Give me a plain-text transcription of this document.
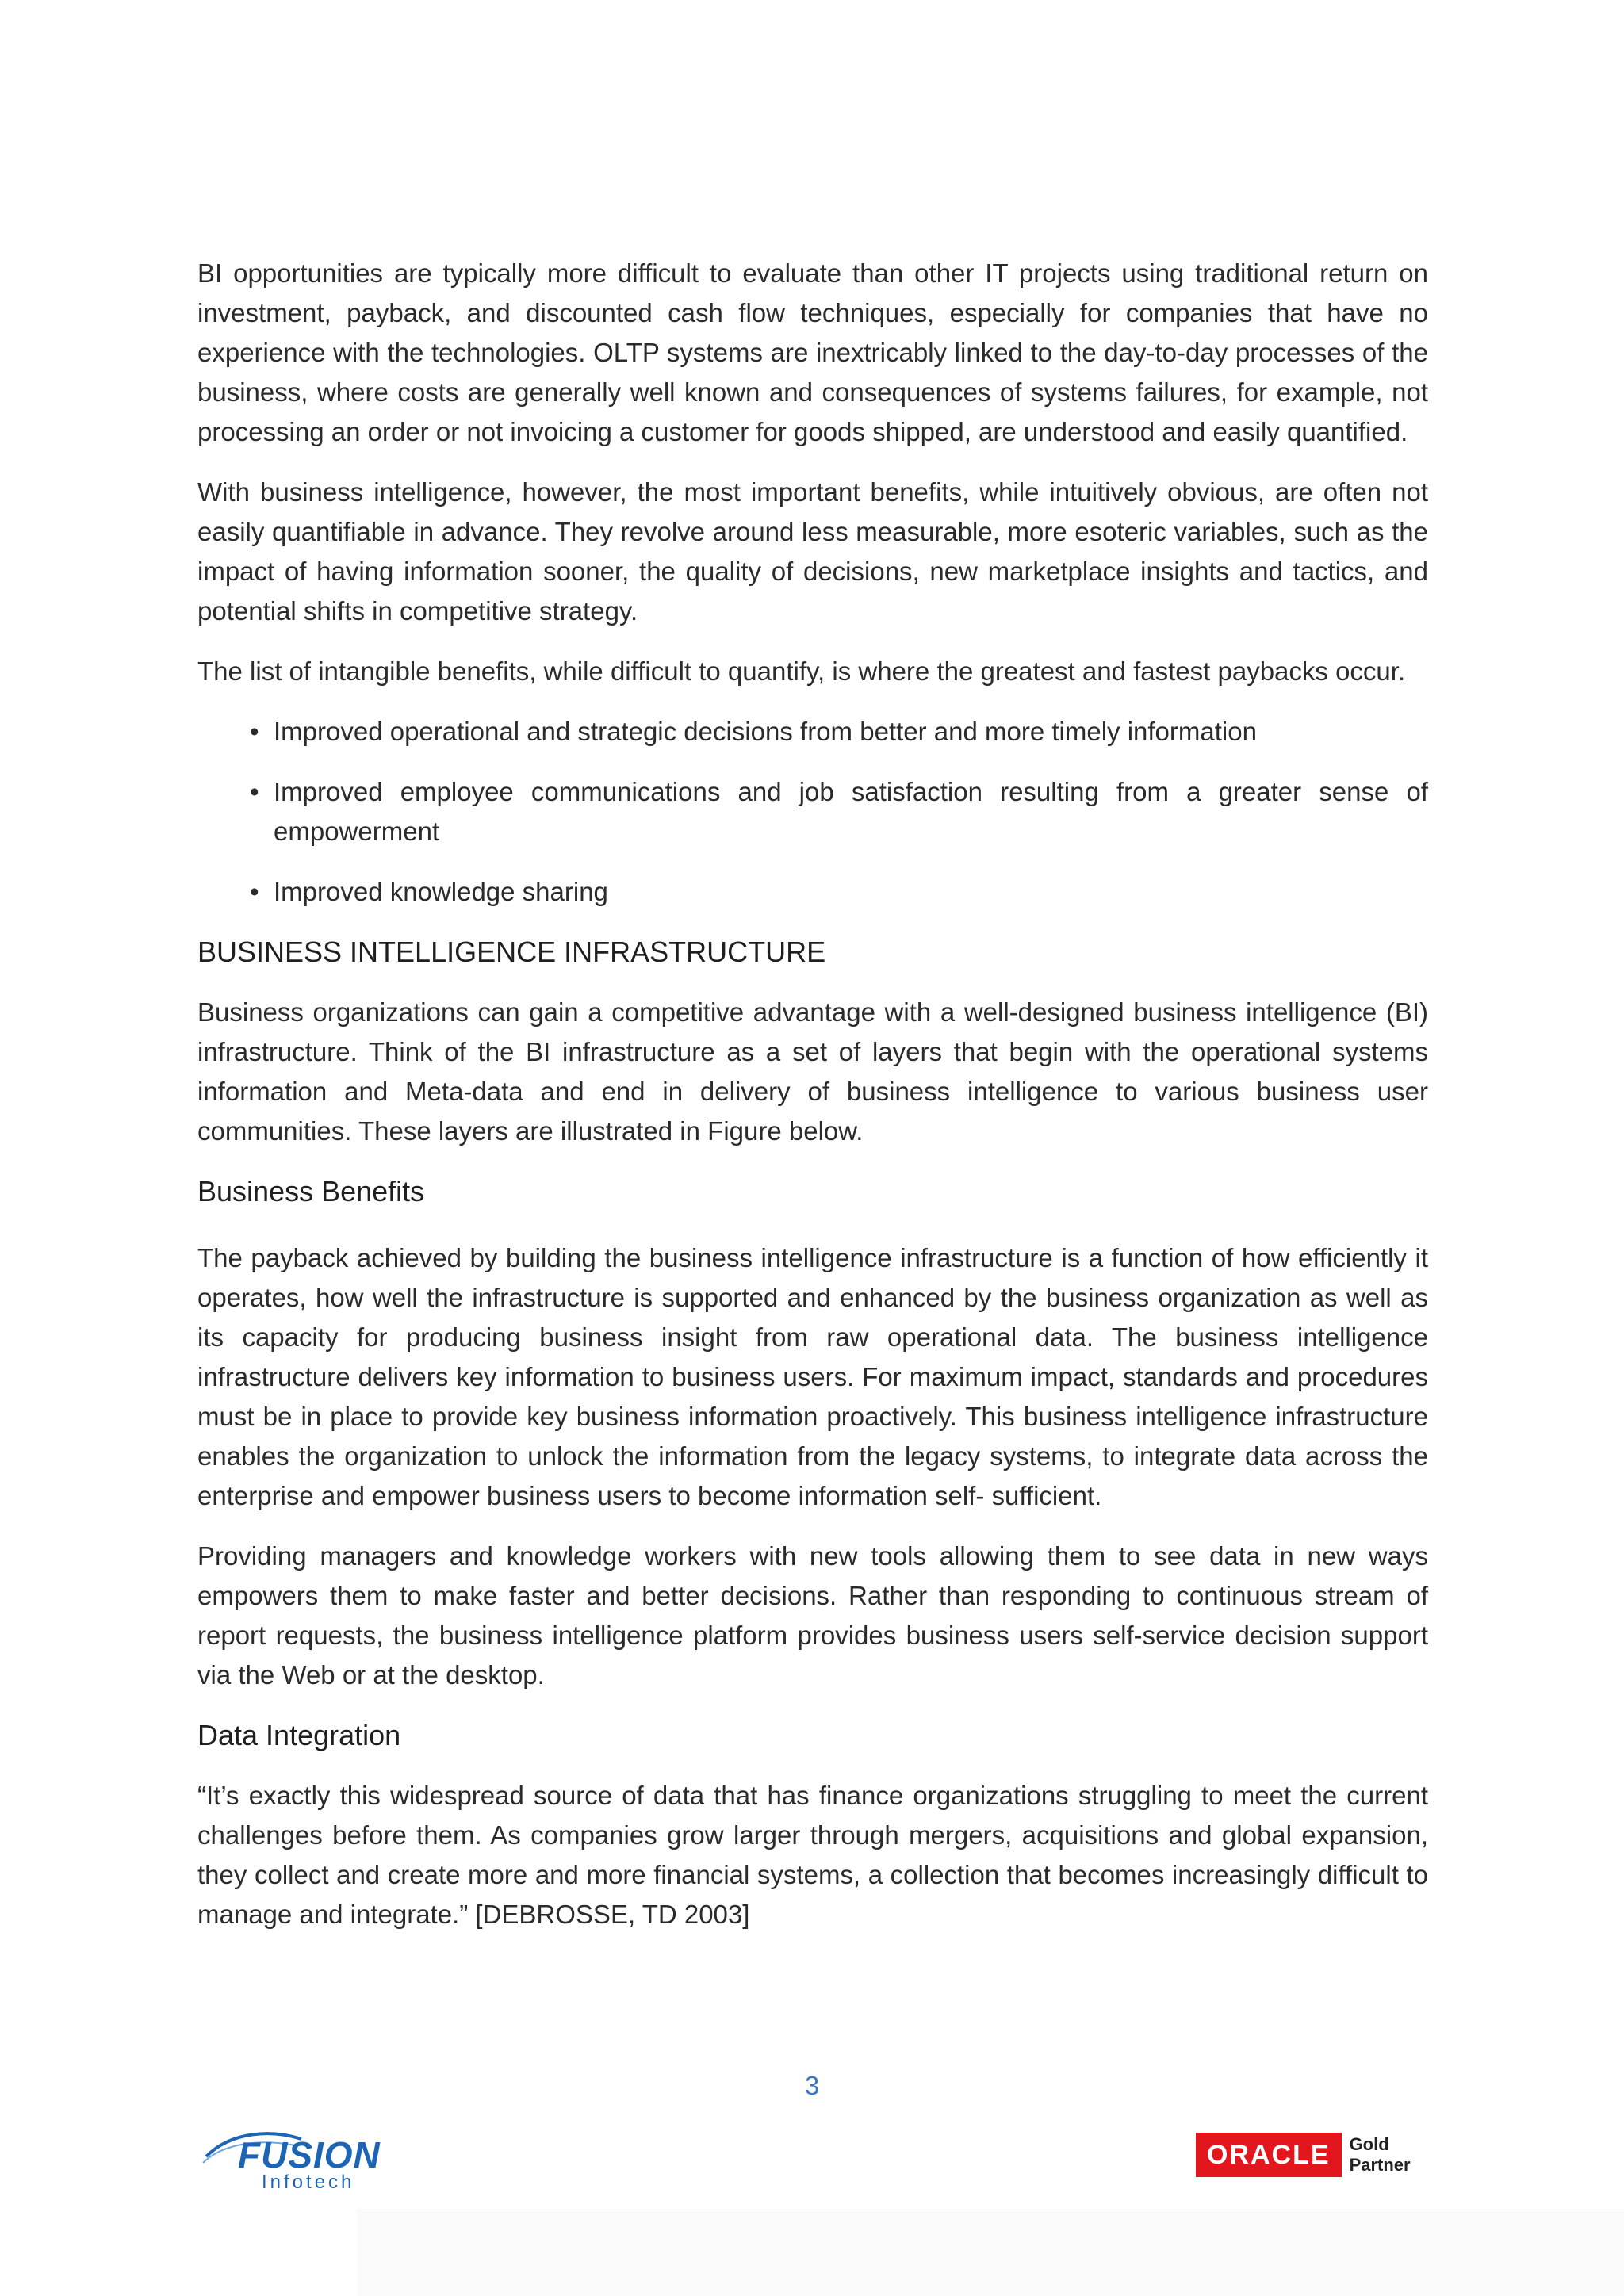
BI opportunities are typically more difficult to evaluate than other IT projects using traditional return on investment, payback, and discounted cash flow techniques, especially for companies that have no experience with the technologies. OLTP systems are inextricably linked to the day-to-day processes of the business, where costs are generally well known and consequences of systems failures, for example, not processing an order or not invoicing a customer for goods shipped, are understood and easily quantified.

With business intelligence, however, the most important benefits, while intuitively obvious, are often not easily quantifiable in advance. They revolve around less measurable, more esoteric variables, such as the impact of having information sooner, the quality of decisions, new marketplace insights and tactics, and potential shifts in competitive strategy.

The list of intangible benefits, while difficult to quantify, is where the greatest and fastest paybacks occur.

• Improved operational and strategic decisions from better and more timely information
• Improved employee communications and job satisfaction resulting from a greater sense of empowerment
• Improved knowledge sharing
BUSINESS INTELLIGENCE INFRASTRUCTURE

Business organizations can gain a competitive advantage with a well-designed business intelligence (BI) infrastructure. Think of the BI infrastructure as a set of layers that begin with the operational systems information and Meta-data and end in delivery of business intelligence to various business user communities. These layers are illustrated in Figure below.

Business Benefits

The payback achieved by building the business intelligence infrastructure is a function of how efficiently it operates, how well the infrastructure is supported and enhanced by the business organization as well as its capacity for producing business insight from raw operational data. The business intelligence infrastructure delivers key information to business users. For maximum impact, standards and procedures must be in place to provide key business information proactively. This business intelligence infrastructure enables the organization to unlock the information from the legacy systems, to integrate data across the enterprise and empower business users to become information self- sufficient.

Providing managers and knowledge workers with new tools allowing them to see data in new ways empowers them to make faster and better decisions. Rather than responding to continuous stream of report requests, the business intelligence platform provides business users self-service decision support via the Web or at the desktop.

Data Integration

“It’s exactly this widespread source of data that has finance organizations struggling to meet the current challenges before them. As companies grow larger through mergers, acquisitions and global expansion, they collect and create more and more financial systems, a collection that becomes increasingly difficult to manage and integrate.” [DEBROSSE, TD 2003]

3
FUSION
Infotech
ORACLE	Gold
Partner
